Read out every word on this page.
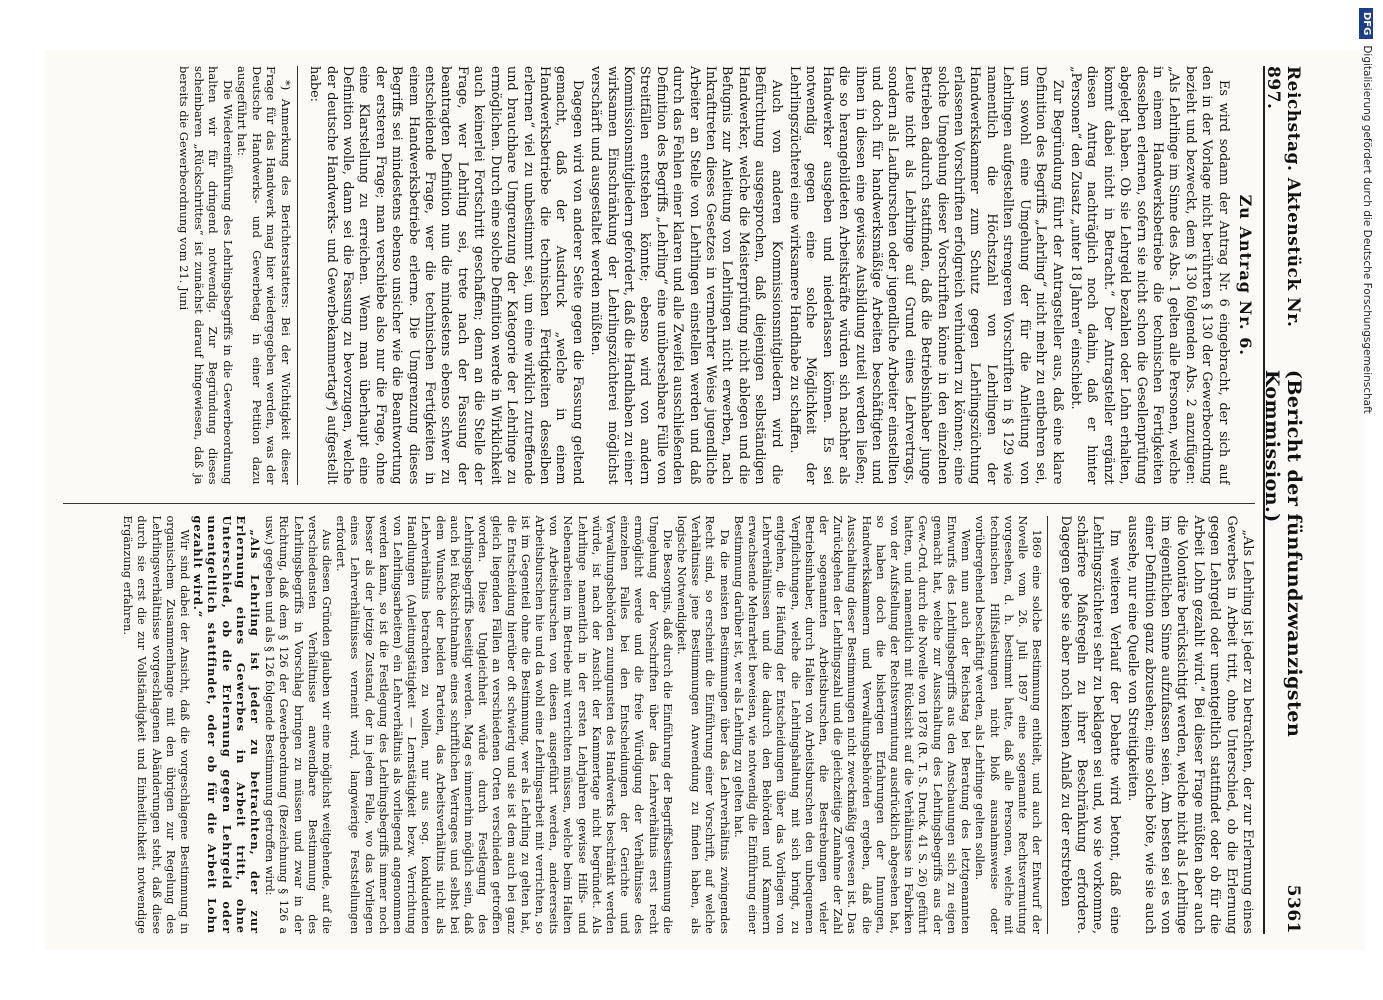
Reichstag. Aktenstück Nr. 897.
(Bericht der fünfundzwanzigsten Kommission.)
5361
Zu Antrag Nr. 6.

Es wird sodann der Antrag Nr. 6 eingebracht, der sich auf den in der Vorlage nicht berührten § 130 der Gewerbeordnung bezieht und bezweckt, dem § 130 folgenden Abs. 2 anzufügen: „Als Lehrlinge im Sinne des Abs. 1 gelten alle Personen, welche in einem Handwerksbetriebe die technischen Fertigkeiten desselben erlernen, sofern sie nicht schon die Gesellenprüfung abgelegt haben. Ob sie Lehrgeld bezahlen oder Lohn erhalten, kommt dabei nicht in Betracht.“ Der Antragsteller ergänzt diesen Antrag nachträglich noch dahin, daß er hinter „Personen“ den Zusatz „unter 18 Jahren“ einschiebt.

Zur Begründung führt der Antragsteller aus, daß eine klare Definition des Begriffs „Lehrling“ nicht mehr zu entbehren sei, um sowohl eine Umgehung der für die Anleitung von Lehrlingen aufgestellten strengeren Vorschriften in § 129 wie namentlich die Höchstzahl von Lehrlingen der Handwerkskammer zum Schutz gegen Lehrlingszüchtung erlassenen Vorschriften erfolgreich verhindern zu können; eine solche Umgehung dieser Vorschriften könne in den einzelnen Betrieben dadurch stattfinden, daß die Betriebsinhaber junge Leute nicht als Lehrlinge auf Grund eines Lehrvertrags, sondern als Laufburschen oder jugendliche Arbeiter einstellten und doch für handwerksmäßige Arbeiten beschäftigten und ihnen in diesen eine gewisse Ausbildung zuteil werden ließen; die so herangebildeten Arbeitskräfte würden sich nachher als Handwerker ausgeben und niederlassen können. Es sei notwendig gegen eine solche Möglichkeit der Lehrlingszüchterei eine wirksamere Handhabe zu schaffen.

Auch von anderen Kommissionsmitgliedern wird die Befürchtung ausgesprochen, daß diejenigen selbständigen Handwerker, welche die Meisterprüfung nicht ablegen und die Befugnis zur Anleitung von Lehrlingen nicht erwerben, nach Inkrafttreten dieses Gesetzes in vermehrter Weise jugendliche Arbeiter an Stelle von Lehrlingen einstellen werden und daß durch das Fehlen einer klaren und alle Zweifel ausschließenden Definition des Begriffs „Lehrling“ eine unübersehbare Fülle von Streitfällen entstehen könnte; ebenso wird von andern Kommissionsmitgliedern gefordert, daß die Handhaben zu einer wirksamen Einschränkung der Lehrlingszüchterei möglichst verschärft und ausgestaltet werden müßten.

Dagegen wird von anderer Seite gegen die Fassung geltend gemacht, daß der Ausdruck „welche in einem Handwerksbetriebe die technischen Fertigkeiten desselben erlernen“ viel zu unbestimmt sei, um eine wirklich zutreffende und brauchbare Umgrenzung der Kategorie der Lehrlinge zu ermöglichen. Durch eine solche Definition werde in Wirklichkeit auch keinerlei Fortschritt geschaffen; denn an die Stelle der Frage, wer Lehrling sei, trete nach der Fassung der beantragten Definition nun die mindestens ebenso schwer zu entscheidende Frage, wer die technischen Fertigkeiten in einem Handwerksbetriebe erlerne. Die Umgrenzung dieses Begriffs sei mindestens ebenso unsicher wie die Beantwortung der ersteren Frage; man verschiebe also nur die Frage, ohne eine Klarstellung zu erreichen. Wenn man überhaupt eine Definition wolle, dann sei die Fassung zu bevorzugen, welche der deutsche Handwerks- und Gewerbekammertag*) aufgestellt habe:

*) Anmerkung des Berichterstatters: Bei der Wichtigkeit dieser Frage für das Handwerk mag hier wiedergegeben werden, was der Deutsche Handwerks- und Gewerbetag in einer Petition dazu ausgeführt hat:

Die Wiedereinführung des Lehrlingsbegriffs in die Gewerbeordnung halten wir für dringend notwendig. Zur Begründung dieses scheinbaren „Rückschrittes“ ist zunächst darauf hingewiesen, daß ja bereits die Gewerbeordnung vom 21. Juni

„Als Lehrling ist jeder zu betrachten, der zur Erlernung eines Gewerbes in Arbeit tritt, ohne Unterschied, ob die Erlernung gegen Lehrgeld oder unentgeltlich stattfindet oder ob für die Arbeit Lohn gezahlt wird.“ Bei dieser Frage müßten aber auch die Volontäre berücksichtigt werden, welche nicht als Lehrlinge im eigentlichen Sinne aufzufassen seien. Am besten sei es von einer Definition ganz abzusehen; eine solche böte, wie sie auch aussehe, nur eine Quelle von Streitigkeiten.

Im weiteren Verlauf der Debatte wird betont, daß eine Lehrlingszüchterei sehr zu beklagen sei und, wo sie vorkomme, schärfere Maßregeln zu ihrer Beschränkung erfordere. Dagegen gebe sie aber noch keinen Anlaß zu der erstrebten

1869 eine solche Bestimmung enthielt, und auch der Entwurf der Novelle vom 26. Juli 1897 eine sogenannte Rechtsvermutung vorgesehen, d. h. bestimmt hatte, daß alle Personen, welche mit technischen Hilfsleistungen nicht bloß ausnahmsweise oder vorübergehend beschäftigt werden, als Lehrlinge gelten sollen.

Wenn nun auch der Reichstag bei Beratung des letztgenannten Entwurfs des Lehrlingsbegriffs aus den Anschauungen sich zu eigen gemacht hat, welche zur Ausschaltung des Lehrlingsbegriffs aus der Gew.-Ord. durch die Novelle von 1878 (R. T. S. Druck. 41 S. 26) geführt hatten, und namentlich mit Rücksicht auf die Verhältnisse in Fabriken von der Aufstellung der Rechtsvermutung ausdrücklich abgesehen hat, so haben doch die bisherigen Erfahrungen der Innungen, Handwerkskammern und Verwaltungsbehörden ergeben, daß die Ausschaltung dieser Bestimmungen nicht zweckmäßig gewesen ist. Das Zurückgehen der Lehrlingszahl und die gleichzeitige Zunahme der Zahl der sogenannten Arbeitsburschen, die Bestrebungen vieler Betriebsinhaber, durch Halten von Arbeitsburschen den unbequemen Verpflichtungen, welche die Lehrlingshaltung mit sich bringt, zu entgehen, die Häufung der Entscheidungen über das Vorliegen von Lehrverhältnissen und die dadurch den Behörden und Kammern erwachsende Mehrarbeit beweisen, wie notwendig die Einführung einer Bestimmung darüber ist, wer als Lehrling zu gelten hat.

Da die meisten Bestimmungen über das Lehrverhältnis zwingendes Recht sind, so erscheint die Einführung einer Vorschrift, auf welche Verhältnisse jene Bestimmungen Anwendung zu finden haben, als logische Notwendigkeit.

Die Besorgnis, daß durch die Einführung der Begriffsbestimmung die Umgehung der Vorschriften über das Lehrverhältnis erst recht ermöglicht werde und die freie Würdigung der Verhältnisse des einzelnen Falles bei den Entscheidungen der Gerichte und Verwaltungsbehörden zuungunsten des Handwerks beschränkt werden würde, ist nach der Ansicht der Kammertage nicht begründet. Als Lehrlinge namentlich in der ersten Lehrjahren gewisse Hilfs- und Nebenarbeiten im Betriebe mit verrichten müssen, welche beim Halten von Arbeitsburschen von diesen ausgeführt werden, andererseits Arbeitsburschen hie und da wohl eine Lehrlingsarbeit mit verrichten, so ist im Gegenteil ohne die Bestimmung, wer als Lehrling zu gelten hat, die Entscheidung hierüber oft schwierig und sie ist dem auch bei ganz gleich liegenden Fällen an verschiedenen Orten verschieden getroffen worden. Diese Ungleichheit würde durch Festlegung des Lehrlingsbegriffs beseitigt werden. Mag es immerhin möglich sein, daß auch bei Rücksichtnahme eines schriftlichen Vertrages und selbst bei dem Wunsche der beiden Parteien, das Arbeitsverhältnis nicht als Lehrverhältnis betrachten zu wollen, nur aus sog. konkludenten Handlungen (Anleitungstätigkeit — Lernstätigkeit bezw. Verrichtung von Lehrlingsarbeiten) ein Lehrverhältnis als vorliegend angenommen werden kann, so ist die Festlegung des Lehrlingsbegriffs immer noch besser als der jetzige Zustand, der in jedem Falle, wo das Vorliegen eines Lehrverhältnisses verneint wird, langwierige Feststellungen erfordert.

Aus diesen Gründen glauben wir eine möglichst weitgehende, auf die verschiedensten Verhältnisse anwendbare Bestimmung des Lehrlingsbegriffs in Vorschlag bringen zu müssen und zwar in der Richtung, daß dem § 126 der Gewerbeordnung (Bezeichnung § 126 a usw.) gegeben und als § 126 folgende Bestimmung getroffen wird:

„Als Lehrling ist jeder zu betrachten, der zur Erlernung eines Gewerbes in Arbeit tritt, ohne Unterschied, ob die Erlernung gegen Lehrgeld oder unentgeltlich stattfindet, oder ob für die Arbeit Lohn gezahlt wird.“

Wir sind dabei der Ansicht, daß die vorgeschlagene Bestimmung in organischem Zusammenhange mit den übrigen zur Regelung des Lehrlingsverhältnisse vorgeschlagenen Abänderungen steht, daß diese durch sie erst die zur Vollständigkeit und Einheitlichkeit notwendige Ergänzung erfahren.

DFGDigitalisierung gefördert durch die Deutsche Forschungsgemeinschaft
